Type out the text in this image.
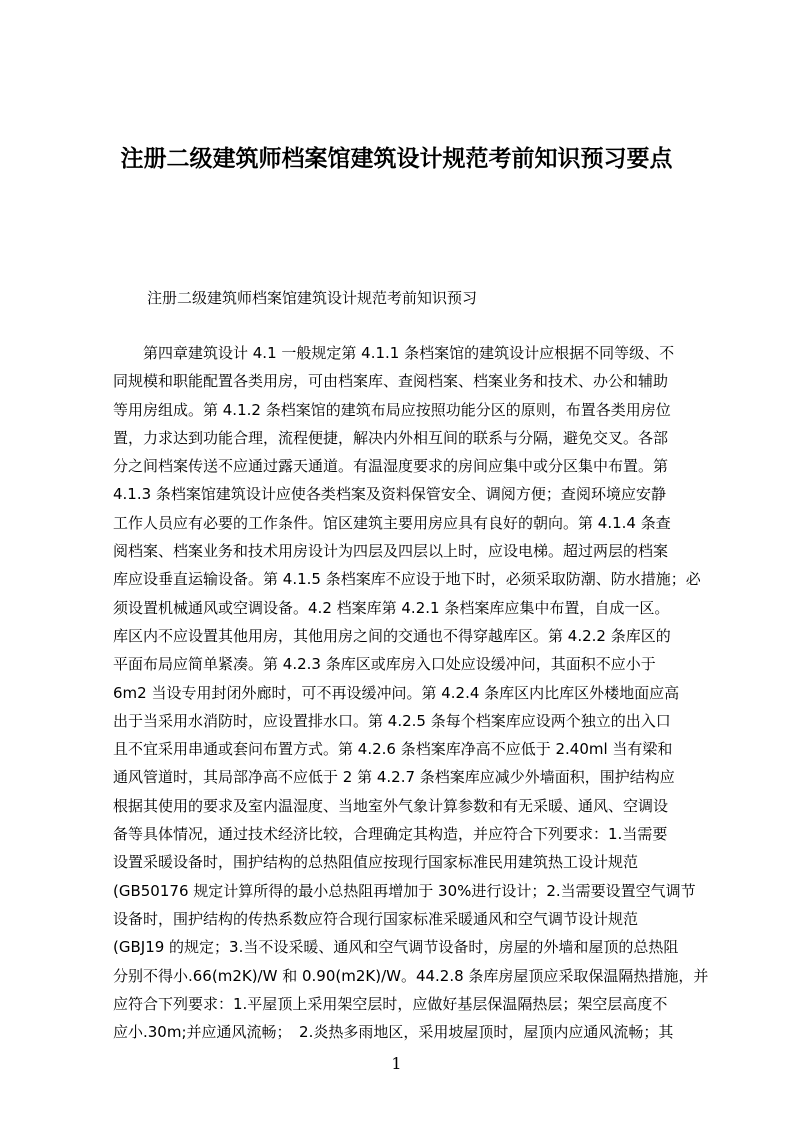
注册二级建筑师档案馆建筑设计规范考前知识预习要点

注册二级建筑师档案馆建筑设计规范考前知识预习

　　第四章建筑设计 4.1 一般规定第 4.1.1 条档案馆的建筑设计应根据不同等级、不
同规模和职能配置各类用房，可由档案库、查阅档案、档案业务和技术、办公和辅助
等用房组成。第 4.1.2 条档案馆的建筑布局应按照功能分区的原则，布置各类用房位
置，力求达到功能合理，流程便捷，解决内外相互间的联系与分隔，避免交叉。各部
分之间档案传送不应通过露天通道。有温湿度要求的房间应集中或分区集中布置。第
4.1.3 条档案馆建筑设计应使各类档案及资料保管安全、调阅方便；查阅环境应安静
工作人员应有必要的工作条件。馆区建筑主要用房应具有良好的朝向。第 4.1.4 条查
阅档案、档案业务和技术用房设计为四层及四层以上时，应设电梯。超过两层的档案
库应设垂直运输设备。第 4.1.5 条档案库不应设于地下时，必须采取防潮、防水措施；必
须设置机械通风或空调设备。4.2 档案库第 4.2.1 条档案库应集中布置，自成一区。
库区内不应设置其他用房，其他用房之间的交通也不得穿越库区。第 4.2.2 条库区的
平面布局应简单紧凑。第 4.2.3 条库区或库房入口处应设缓冲问，其面积不应小于
6m2 当设专用封闭外廊时，可不再设缓冲问。第 4.2.4 条库区内比库区外楼地面应高
出于当采用水消防时，应设置排水口。第 4.2.5 条每个档案库应设两个独立的出入口
且不宜采用串通或套问布置方式。第 4.2.6 条档案库净高不应低于 2.40ml 当有梁和
通风管道时，其局部净高不应低于 2 第 4.2.7 条档案库应减少外墙面积，围护结构应
根据其使用的要求及室内温湿度、当地室外气象计算参数和有无采暖、通风、空调设
备等具体情况，通过技术经济比较，合理确定其构造，并应符合下列要求：1.当需要
设置采暖设备时，围护结构的总热阻值应按现行国家标准民用建筑热工设计规范
(GB50176 规定计算所得的最小总热阻再增加于 30%进行设计；2.当需要设置空气调节
设备时，围护结构的传热系数应符合现行国家标准采暖通风和空气调节设计规范
(GBJ19 的规定；3.当不设采暖、通风和空气调节设备时，房屋的外墙和屋顶的总热阻
分别不得小.66(m2K)/W 和 0.90(m2K)/W。44.2.8 条库房屋顶应采取保温隔热措施，并
应符合下列要求：1.平屋顶上采用架空层时，应做好基层保温隔热层；架空层高度不
应小.30m;并应通风流畅；　2.炎热多雨地区，采用坡屋顶时，屋顶内应通风流畅；其

1
